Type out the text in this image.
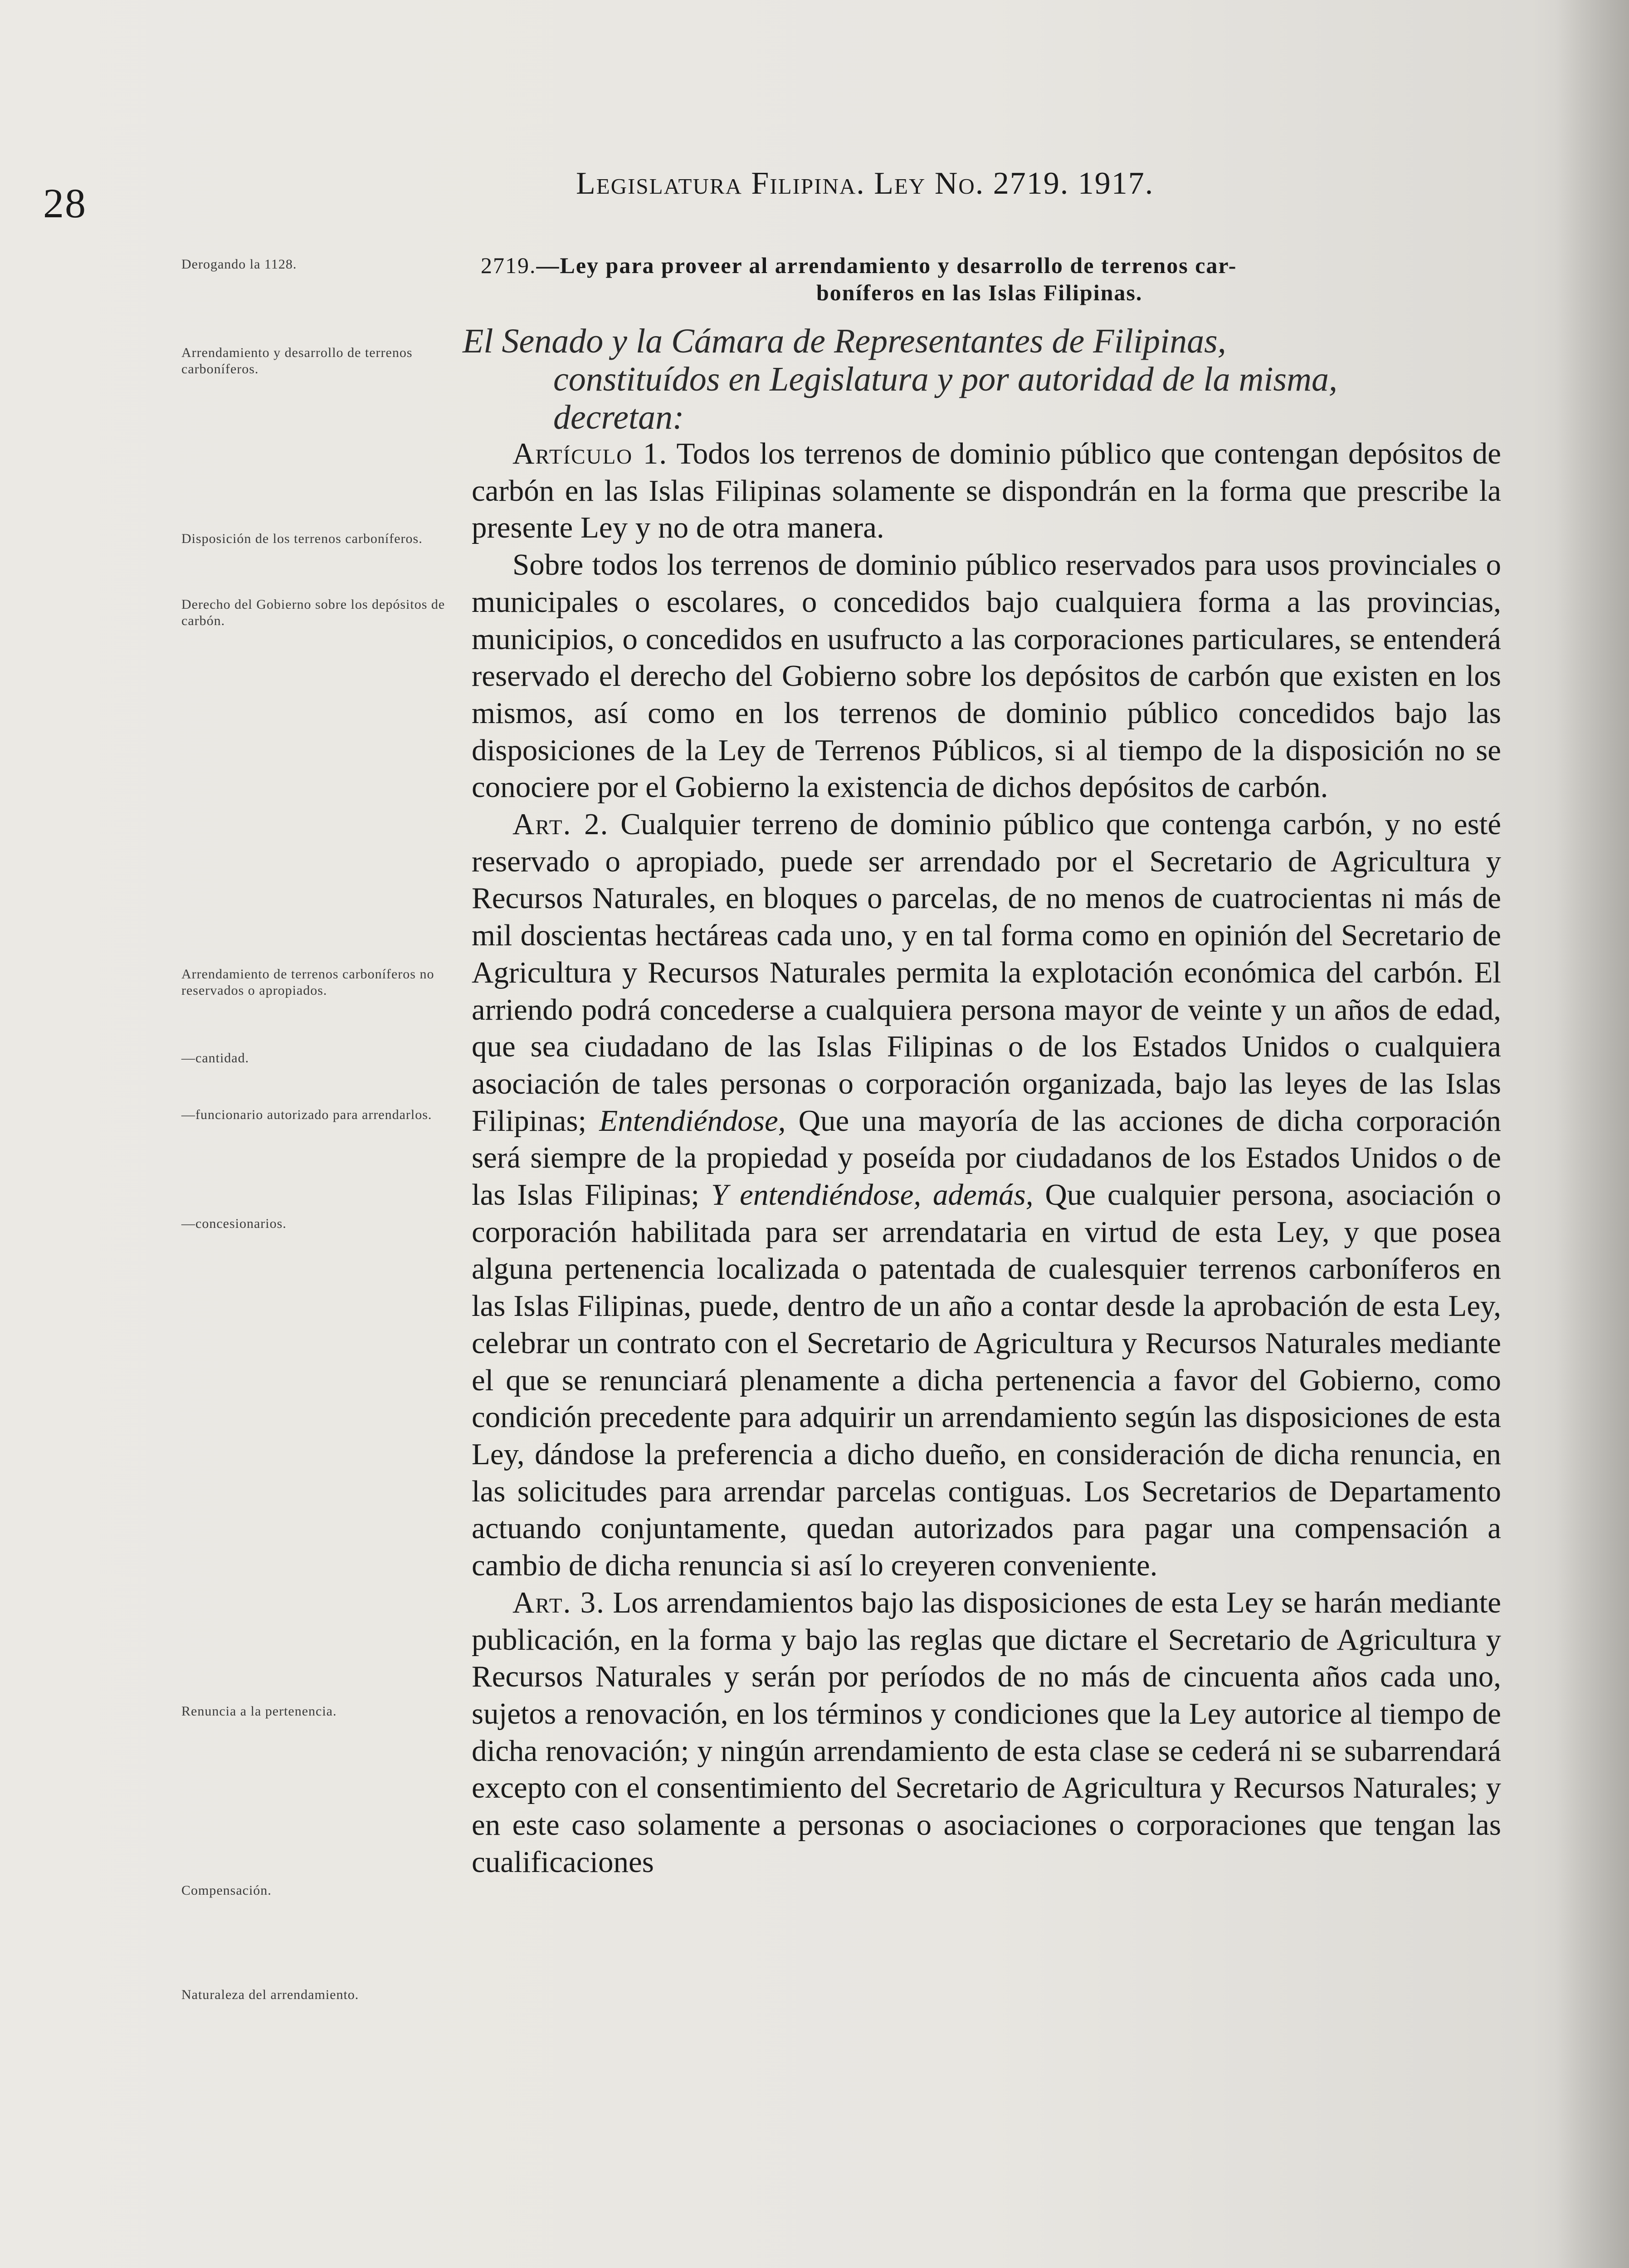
28	Legislatura Filipina. Ley No. 2719. 1917.
Derogando la 1128.
Arrendamiento y desarrollo de terrenos carboníferos.
Disposición de los terrenos carboníferos.
Derecho del Gobierno sobre los depósitos de carbón.
Arrendamiento de terrenos carboníferos no reservados o apropiados.
—cantidad.
—funcionario autorizado para arrendarlos.
—concesionarios.
Renuncia a la pertenencia.
Compensación.
Naturaleza del arrendamiento.
2719.—Ley para proveer al arrendamiento y desarrollo de terrenos car-
boníferos en las Islas Filipinas.
El Senado y la Cámara de Representantes de Filipinas,
constituídos en Legislatura y por autoridad de la misma,
decretan:

Artículo 1. Todos los terrenos de dominio público que contengan depósitos de carbón en las Islas Filipinas solamente se dispondrán en la forma que prescribe la presente Ley y no de otra manera.

Sobre todos los terrenos de dominio público reservados para usos provinciales o municipales o escolares, o concedidos bajo cualquiera forma a las provincias, municipios, o concedidos en usufructo a las corporaciones particulares, se entenderá reservado el derecho del Gobierno sobre los depósitos de carbón que existen en los mismos, así como en los terrenos de dominio público concedidos bajo las disposiciones de la Ley de Terrenos Públicos, si al tiempo de la disposición no se conociere por el Gobierno la existencia de dichos depósitos de carbón.

Art. 2. Cualquier terreno de dominio público que contenga carbón, y no esté reservado o apropiado, puede ser arrendado por el Secretario de Agricultura y Recursos Naturales, en bloques o parcelas, de no menos de cuatrocientas ni más de mil doscientas hectáreas cada uno, y en tal forma como en opinión del Secretario de Agricultura y Recursos Naturales permita la explotación económica del carbón. El arriendo podrá concederse a cualquiera persona mayor de veinte y un años de edad, que sea ciudadano de las Islas Filipinas o de los Estados Unidos o cualquiera asociación de tales personas o corporación organizada, bajo las leyes de las Islas Filipinas; Entendiéndose, Que una mayoría de las acciones de dicha corporación será siempre de la propiedad y poseída por ciudadanos de los Estados Unidos o de las Islas Filipinas; Y entendiéndose, además, Que cualquier persona, asociación o corporación habilitada para ser arrendataria en virtud de esta Ley, y que posea alguna pertenencia localizada o patentada de cualesquier terrenos carboníferos en las Islas Filipinas, puede, dentro de un año a contar desde la aprobación de esta Ley, celebrar un contrato con el Secretario de Agricultura y Recursos Naturales mediante el que se renunciará plenamente a dicha pertenencia a favor del Gobierno, como condición precedente para adquirir un arrendamiento según las disposiciones de esta Ley, dándose la preferencia a dicho dueño, en consideración de dicha renuncia, en las solicitudes para arrendar parcelas contiguas. Los Secretarios de Departamento actuando conjuntamente, quedan autorizados para pagar una compensación a cambio de dicha renuncia si así lo creyeren conveniente.

Art. 3. Los arrendamientos bajo las disposiciones de esta Ley se harán mediante publicación, en la forma y bajo las reglas que dictare el Secretario de Agricultura y Recursos Naturales y serán por períodos de no más de cincuenta años cada uno, sujetos a renovación, en los términos y condiciones que la Ley autorice al tiempo de dicha renovación; y ningún arrendamiento de esta clase se cederá ni se subarrendará excepto con el consentimiento del Secretario de Agricultura y Recursos Naturales; y en este caso solamente a personas o asociaciones o corporaciones que tengan las cualificaciones
